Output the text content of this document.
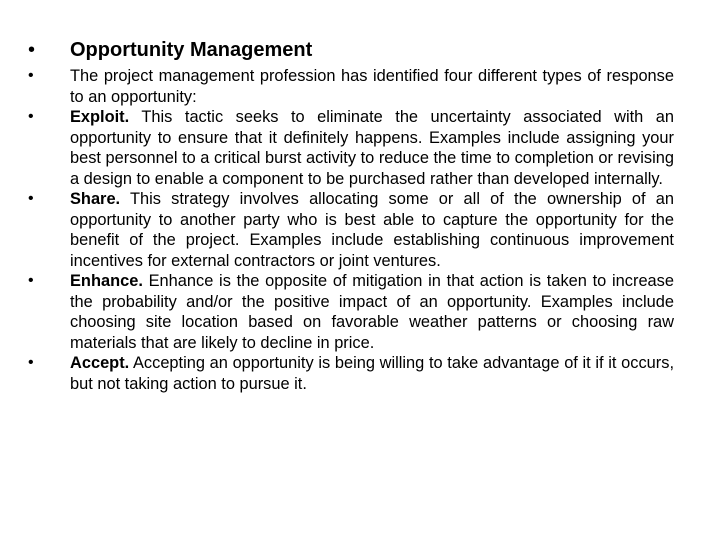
•	Opportunity Management
•	The project management profession has identified four different types of response to an opportunity:
•	Exploit. This tactic seeks to eliminate the uncertainty associated with an opportunity to ensure that it definitely happens. Examples include assigning your best personnel to a critical burst activity to reduce the time to completion or revising a design to enable a component to be purchased rather than developed internally.
•	Share. This strategy involves allocating some or all of the ownership of an opportunity to another party who is best able to capture the opportunity for the benefit of the project. Examples include establishing continuous improvement incentives for external contractors or joint ventures.
•	Enhance. Enhance is the opposite of mitigation in that action is taken to increase the probability and/or the positive impact of an opportunity. Examples include choosing site location based on favorable weather patterns or choosing raw materials that are likely to decline in price.
•	Accept. Accepting an opportunity is being willing to take advantage of it if it occurs, but not taking action to pursue it.
